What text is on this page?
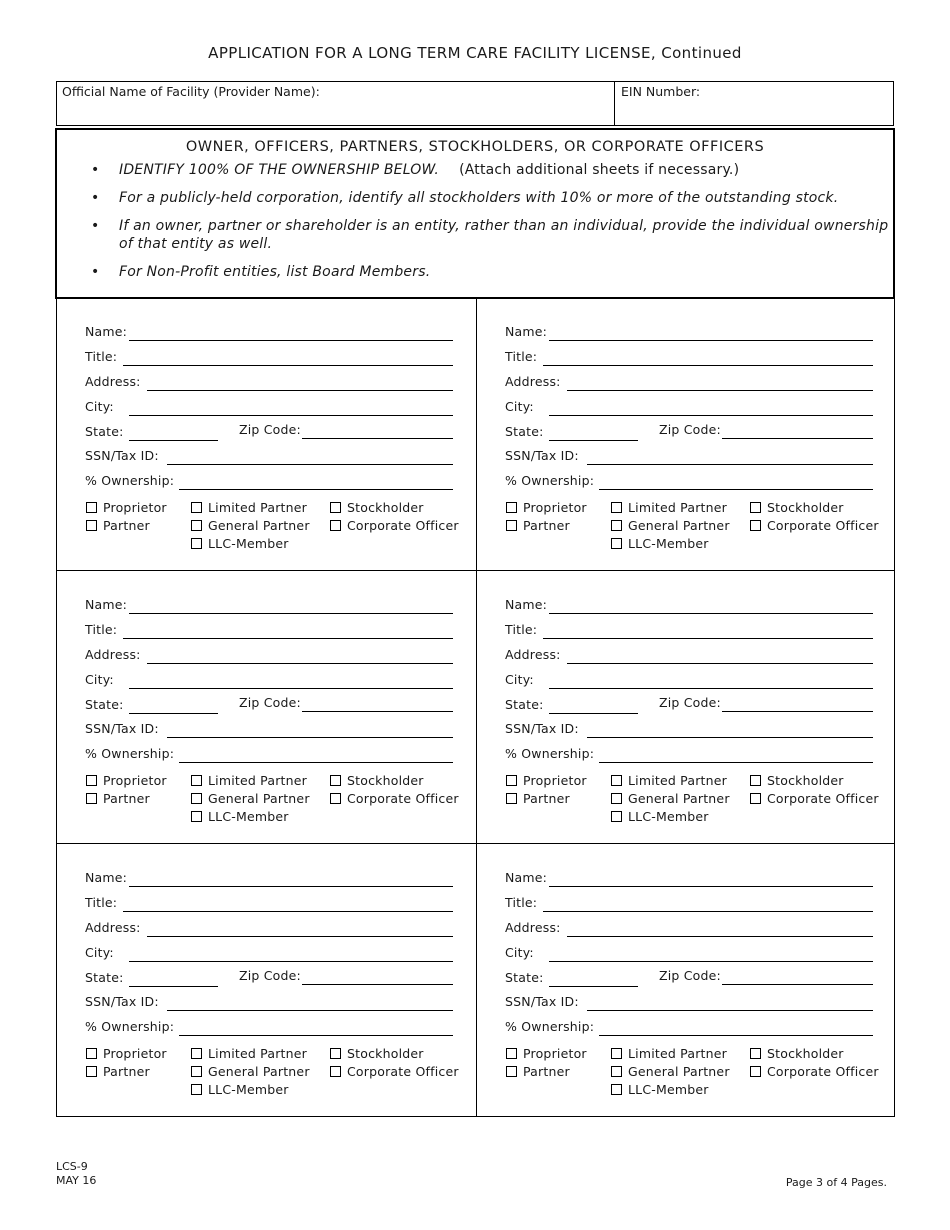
APPLICATION FOR A LONG TERM CARE FACILITY LICENSE, Continued
Official Name of Facility (Provider Name):	EIN Number:
OWNER, OFFICERS, PARTNERS, STOCKHOLDERS, OR CORPORATE OFFICERS
• IDENTIFY 100% OF THE OWNERSHIP BELOW. (Attach additional sheets if necessary.)
• For a publicly-held corporation, identify all stockholders with 10% or more of the outstanding stock.
• If an owner, partner or shareholder is an entity, rather than an individual, provide the individual ownership of that entity as well.
• For Non-Profit entities, list Board Members.
Name:
Title:
Address:
City:
SSN/Tax ID:
% Ownership:
State:	Zip Code:
Proprietor
Partner
Limited Partner
General Partner
LLC-Member
Stockholder
Corporate Officer
Name:
Title:
Address:
City:
SSN/Tax ID:
% Ownership:
State:	Zip Code:
Proprietor
Partner
Limited Partner
General Partner
LLC-Member
Stockholder
Corporate Officer
Name:
Title:
Address:
City:
SSN/Tax ID:
% Ownership:
State:	Zip Code:
Proprietor
Partner
Limited Partner
General Partner
LLC-Member
Stockholder
Corporate Officer
Name:
Title:
Address:
City:
SSN/Tax ID:
% Ownership:
State:	Zip Code:
Proprietor
Partner
Limited Partner
General Partner
LLC-Member
Stockholder
Corporate Officer
Name:
Title:
Address:
City:
SSN/Tax ID:
% Ownership:
State:	Zip Code:
Proprietor
Partner
Limited Partner
General Partner
LLC-Member
Stockholder
Corporate Officer
Name:
Title:
Address:
City:
SSN/Tax ID:
% Ownership:
State:	Zip Code:
Proprietor
Partner
Limited Partner
General Partner
LLC-Member
Stockholder
Corporate Officer
LCS-9
MAY 16	Page 3 of 4 Pages.
